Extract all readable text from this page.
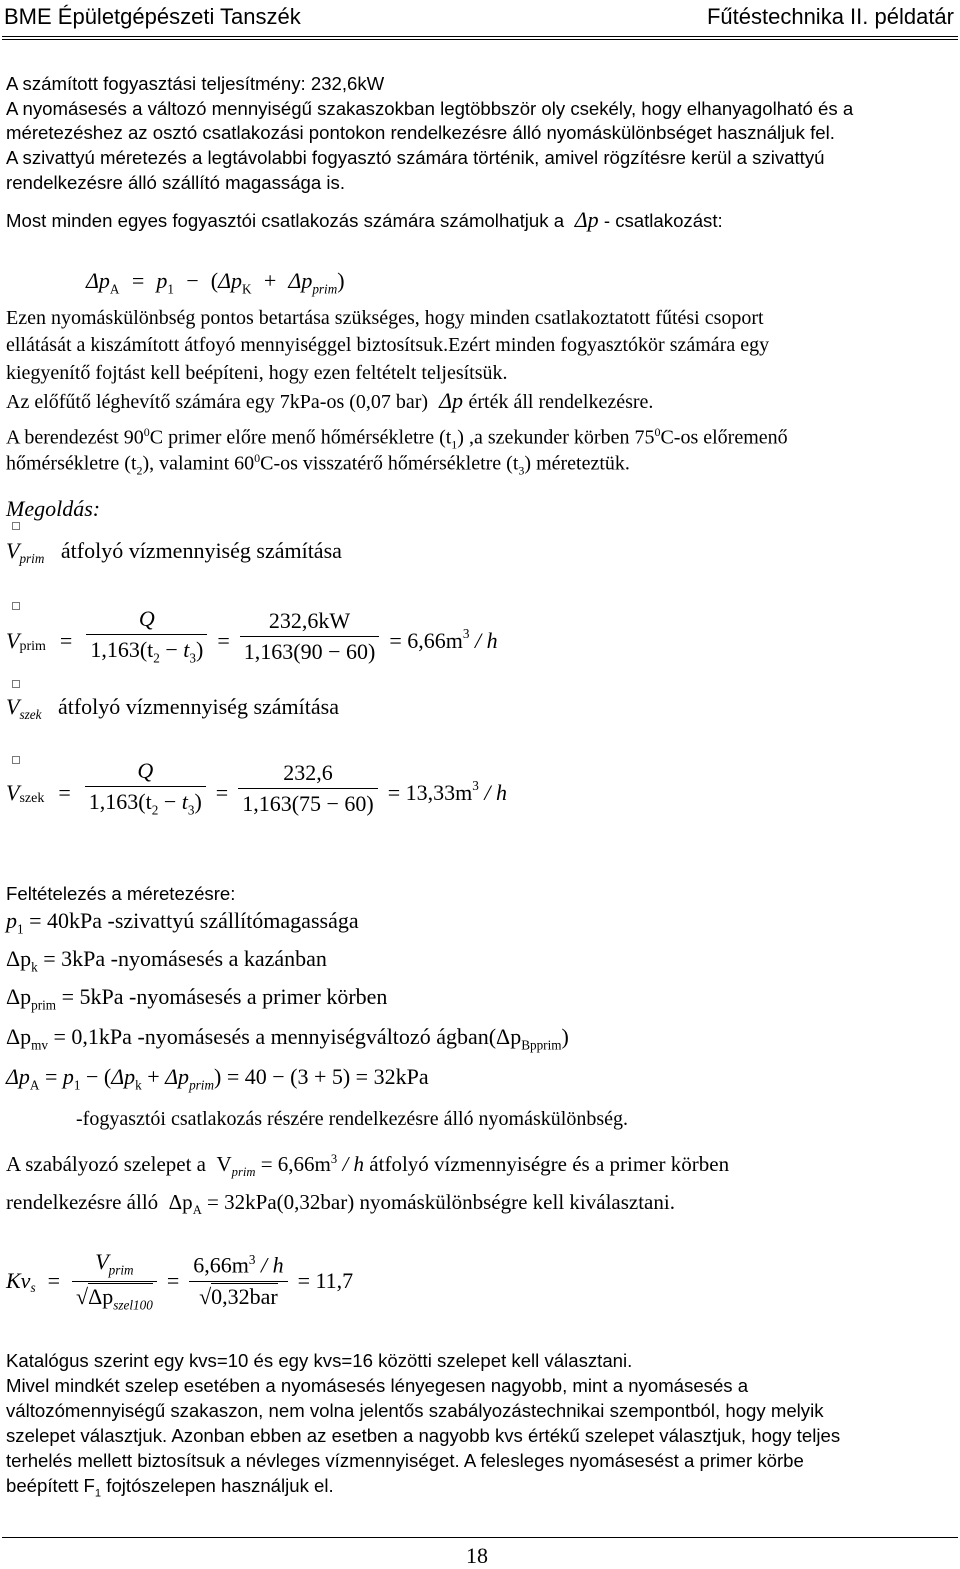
BME Épületgépészeti Tanszék	Fűtéstechnika II. példatár
A számított fogyasztási teljesítmény: 232,6kW
A nyomásesés a változó mennyiségű szakaszokban legtöbbször oly csekély, hogy elhanyagolható és a
méretezéshez az osztó csatlakozási pontokon rendelkezésre álló nyomáskülönbséget használjuk fel.
A szivattyú méretezés a legtávolabbi fogyasztó számára történik, amivel rögzítésre kerül a szivattyú
rendelkezésre álló szállító magassága is.
Most minden egyes fogyasztói csatlakozás számára számolhatjuk a  Δp - csatlakozást:
$\Delta p_A = p_1 - (\Delta p_K + \Delta p_{prim})$
Ezen nyomáskülönbség pontos betartása szükséges, hogy minden csatlakoztatott fűtési csoport
ellátását a kiszámított átfoyó mennyiséggel biztosítsuk.Ezért minden fogyasztókör számára egy
kiegyenítő fojtást kell beépíteni, hogy ezen feltételt teljesítsük.
Az előfűtő léghevítő számára egy 7kPa-os (0,07 bar)  Δp érték áll rendelkezésre.
A berendezést $90^0C$ primer előre menő hőmérsékletre $(t_1)$ ,a szekunder körben $75^0C-os$ előremenő
hőmérsékletre $(t_2)$, valamint $60^0C-os$ visszatérő hőmérsékletre $(t_3)$ méreteztük.
Megoldás:
$V_{prim}$ átfolyó vízmennyiség számítása
$V_{prim} = \frac{Q}{1,163(t_2 - t_3)} = \frac{232,6kW}{1,163(90 - 60)} = 6,66m^3$
/ h
$V_{szek}$ átfolyó vízmennyiség számítása
$V_{szek} = \frac{Q}{1,163(t_2 - t_3)} = \frac{232,6}{1,163(75 - 60)} = 13,33m^3$
/ h
Feltételezés a méretezésre:
$p_1 = 40kPa$ -szivattyú szállítómagassága
$\Delta p_k = 3kPa$ -nyomásesés a kazánban
$\Delta p_{prim} = 5kPa$ -nyomásesés a primer körben
$\Delta p_{mv} = 0,1kPa$ -nyomásesés a mennyiségváltozó $ágban(\Delta p_{Bpprim})$
$\Delta p_A = p_1 - (\Delta p_k + \Delta p_{prim}) = 40 - (3 + 5) = 32kPa$
-fogyasztói csatlakozás részére rendelkezésre álló nyomáskülönbség.
A szabályozó szelepet a  $V_{prim} = 6,66m^3 / h$ átfolyó vízmennyiségre és a primer körben
rendelkezésre álló  $\Delta p_A = 32kPa(0,32bar)$ nyomáskülönbségre kell kiválasztani.
$Kv_s = \frac{V_{prim}}{√\Delta p_{szel100}} = \frac{6,66m^3 / h}{\text{√0,32bar}} = 11,7$
Katalógus szerint egy kvs=10 és egy kvs=16 közötti szelepet kell választani.
Mivel mindkét szelep esetében a nyomásesés lényegesen nagyobb, mint a nyomásesés a
változómennyiségű szakaszon, nem volna jelentős szabályozástechnikai szempontból, hogy melyik
szelepet választjuk. Azonban ebben az esetben a nagyobb kvs értékű szelepet választjuk, hogy teljes
terhelés mellett biztosítsuk a névleges vízmennyiséget. A felesleges nyomásesést a primer körbe
beépített $F_1$ fojtószelepen használjuk el.
18
